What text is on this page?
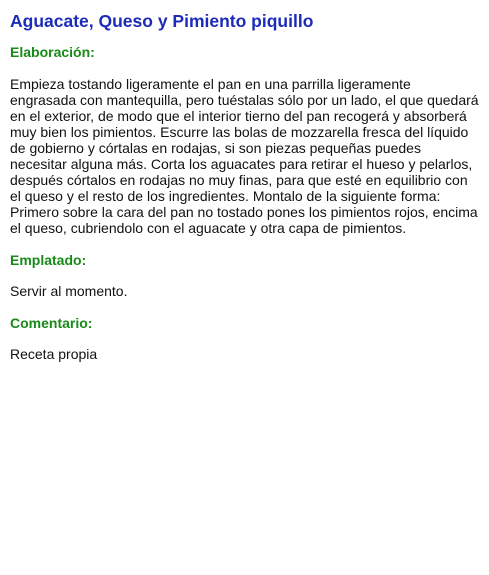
Aguacate, Queso y Pimiento piquillo
Elaboración:

Empieza tostando ligeramente el pan en una parrilla ligeramente engrasada con mantequilla, pero tuéstalas sólo por un lado, el que quedará en el exterior, de modo que el interior tierno del pan recogerá y absorberá muy bien los pimientos. Escurre las bolas de mozzarella fresca del líquido de gobierno y córtalas en rodajas, si son piezas pequeñas puedes necesitar alguna más. Corta los aguacates para retirar el hueso y pelarlos, después córtalos en rodajas no muy finas, para que esté en equilibrio con el queso y el resto de los ingredientes. Montalo de la siguiente forma: Primero sobre la cara del pan no tostado pones los pimientos rojos, encima el queso, cubriendolo con el aguacate y otra capa de pimientos.

Emplatado:

Servir al momento.

Comentario:

Receta propia
